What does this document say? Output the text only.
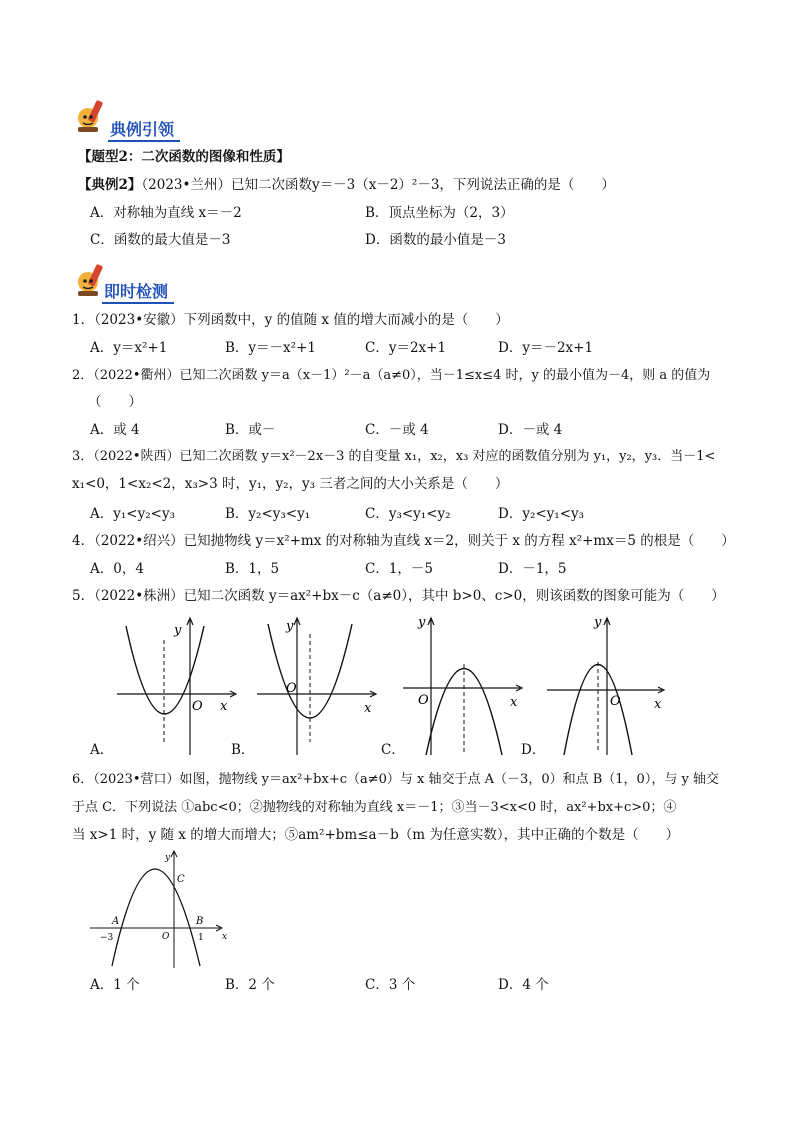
典例引领
【题型2：二次函数的图像和性质】
【典例2】（2023•兰州）已知二次函数y＝－3（x－2）²－3，下列说法正确的是（　　）
A．对称轴为直线 x＝－2	B．顶点坐标为（2，3）
C．函数的最大值是－3	D．函数的最小值是－3
即时检测
1．（2023•安徽）下列函数中，y 的值随 x 值的增大而减小的是（　　）
A．y＝x²+1	B．y＝－x²+1	C．y＝2x+1	D．y＝－2x+1
2．（2022•衢州）已知二次函数 y＝a（x－1）²－a（a≠0），当－1≤x≤4 时，y 的最小值为－4，则 a 的值为
（　　）
A．或 4	B．或－	C．－或 4	D．－或 4
3．（2022•陕西）已知二次函数 y＝x²－2x－3 的自变量 x₁，x₂，x₃ 对应的函数值分别为 y₁，y₂，y₃．当－1<
x₁<0，1<x₂<2，x₃>3 时，y₁，y₂，y₃ 三者之间的大小关系是（　　）
A．y₁<y₂<y₃	B．y₂<y₃<y₁	C．y₃<y₁<y₂	D．y₂<y₁<y₃
4．（2022•绍兴）已知抛物线 y＝x²+mx 的对称轴为直线 x＝2，则关于 x 的方程 x²+mx＝5 的根是（　　）
A．0，4	B．1，5	C．1，－5	D．－1，5
5．（2022•株洲）已知二次函数 y＝ax²+bx－c（a≠0），其中 b>0、c>0，则该函数的图象可能为（　　）
y
x
O
A．
y
x
O
B．
y
x
O
C．
y
x
O
D．
6．（2023•营口）如图，抛物线 y＝ax²+bx+c（a≠0）与 x 轴交于点 A（－3，0）和点 B（1，0），与 y 轴交
于点 C．下列说法 ①abc<0；②抛物线的对称轴为直线 x＝－1；③当－3<x<0 时，ax²+bx+c>0；④
当 x>1 时，y 随 x 的增大而增大；⑤am²+bm≤a－b（m 为任意实数），其中正确的个数是（　　）
y
x
C
A	B
O
−3	1
A．1 个	B．2 个	C．3 个	D．4 个
